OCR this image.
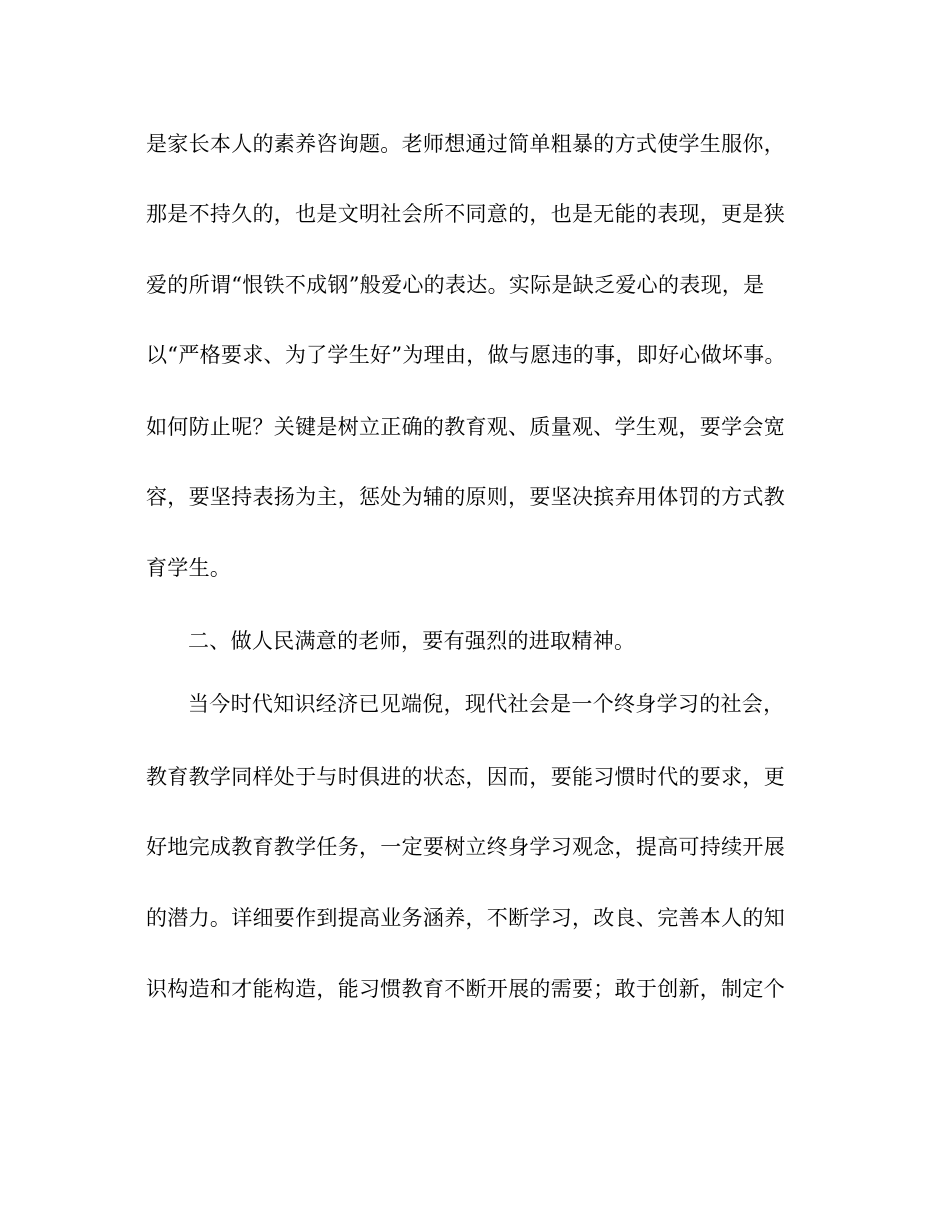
是家长本人的素养咨询题。老师想通过简单粗暴的方式使学生服你，
那是不持久的，也是文明社会所不同意的，也是无能的表现，更是狭
爱的所谓“恨铁不成钢”般爱心的表达。实际是缺乏爱心的表现，是
以“严格要求、为了学生好”为理由，做与愿违的事，即好心做坏事。
如何防止呢？关键是树立正确的教育观、质量观、学生观，要学会宽
容，要坚持表扬为主，惩处为辅的原则，要坚决摈弃用体罚的方式教
育学生。
二、做人民满意的老师，要有强烈的进取精神。
当今时代知识经济已见端倪，现代社会是一个终身学习的社会，
教育教学同样处于与时俱进的状态，因而，要能习惯时代的要求，更
好地完成教育教学任务，一定要树立终身学习观念，提高可持续开展
的潜力。详细要作到提高业务涵养，不断学习，改良、完善本人的知
识构造和才能构造，能习惯教育不断开展的需要；敢于创新，制定个
